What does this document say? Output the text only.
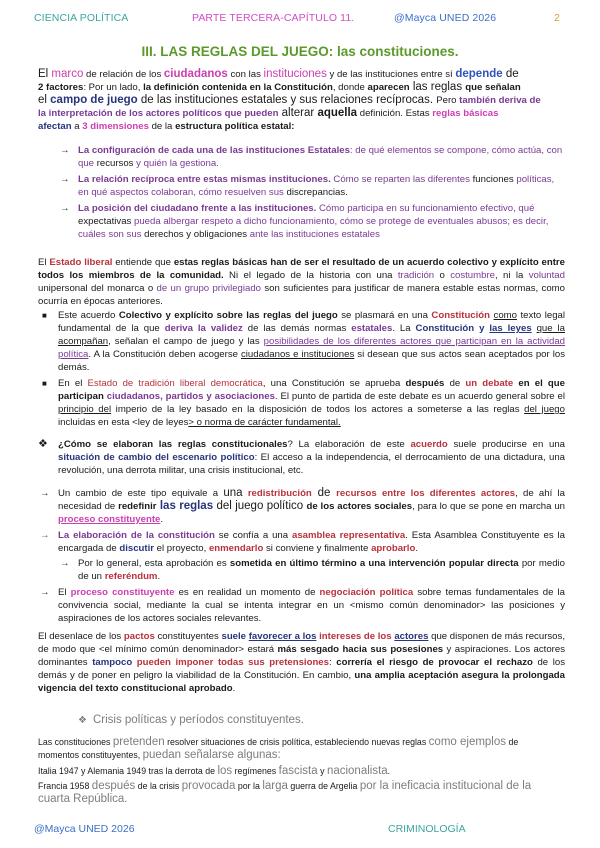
CIENCIA POLÍTICA	PARTE TERCERA-CAPÍTULO 11.	@Mayca UNED 2026	2
III. LAS REGLAS DEL JUEGO: las constituciones.
El marco de relación de los ciudadanos con las instituciones y de las instituciones entre sí depende de
2 factores: Por un lado, la definición contenida en la Constitución, donde aparecen las reglas que señalan
el campo de juego de las instituciones estatales y sus relaciones recíprocas. Pero también deriva de
la interpretación de los actores políticos que pueden alterar aquella definición. Estas reglas básicas
afectan a 3 dimensiones de la estructura política estatal:
→ La configuración de cada una de las instituciones Estatales: de qué elementos se compone, cómo actúa, con que recursos y quién la gestiona.
→ La relación recíproca entre estas mismas instituciones. Cómo se reparten las diferentes funciones políticas, en qué aspectos colaboran, cómo resuelven sus discrepancias.
→ La posición del ciudadano frente a las instituciones. Cómo participa en su funcionamiento efectivo, qué expectativas pueda albergar respeto a dicho funcionamiento, cómo se protege de eventuales abusos; es decir, cuáles son sus derechos y obligaciones ante las instituciones estatales
El Estado liberal entiende que estas reglas básicas han de ser el resultado de un acuerdo colectivo y explícito entre todos los miembros de la comunidad. Ni el legado de la historia con una tradición o costumbre, ni la voluntad unipersonal del monarca o de un grupo privilegiado son suficientes para justificar de manera estable estas normas, como ocurría en épocas anteriores.
■ Este acuerdo Colectivo y explícito sobre las reglas del juego se plasmará en una Constitución como texto legal fundamental de la que deriva la validez de las demás normas estatales. La Constitución y las leyes que la acompañan, señalan el campo de juego y las posibilidades de los diferentes actores que participan en la actividad política. A la Constitución deben acogerse ciudadanos e instituciones si desean que sus actos sean aceptados por los demás.
■ En el Estado de tradición liberal democrática, una Constitución se aprueba después de un debate en el que participan ciudadanos, partidos y asociaciones. El punto de partida de este debate es un acuerdo general sobre el principio del imperio de la ley basado en la disposición de todos los actores a someterse a las reglas del juego incluidas en esta <ley de leyes> o norma de carácter fundamental.
❖ ¿Cómo se elaboran las reglas constitucionales? La elaboración de este acuerdo suele producirse en una situación de cambio del escenario político: El acceso a la independencia, el derrocamiento de una dictadura, una revolución, una derrota militar, una crisis institucional, etc.
→ Un cambio de este tipo equivale a una redistribución de recursos entre los diferentes actores, de ahí la necesidad de redefinir las reglas del juego político de los actores sociales, para lo que se pone en marcha un proceso constituyente.
→ La elaboración de la constitución se confía a una asamblea representativa. Esta Asamblea Constituyente es la encargada de discutir el proyecto, enmendarlo si conviene y finalmente aprobarlo.
→ Por lo general, esta aprobación es sometida en último término a una intervención popular directa por medio de un referéndum.
→ El proceso constituyente es en realidad un momento de negociación política sobre temas fundamentales de la convivencia social, mediante la cual se intenta integrar en un <mismo común denominador> las posiciones y aspiraciones de los actores sociales relevantes.
El desenlace de los pactos constituyentes suele favorecer a los intereses de los actores que disponen de más recursos, de modo que <el mínimo común denominador> estará más sesgado hacia sus posesiones y aspiraciones. Los actores dominantes tampoco pueden imponer todas sus pretensiones: correría el riesgo de provocar el rechazo de los demás y de poner en peligro la viabilidad de la Constitución. En cambio, una amplia aceptación asegura la prolongada vigencia del texto constitucional aprobado.
❖ Crisis políticas y períodos constituyentes.
Las constituciones pretenden resolver situaciones de crisis política, estableciendo nuevas reglas como ejemplos de
momentos constituyentes, puedan señalarse algunas:
Italia 1947 y Alemania 1949 tras la derrota de los regímenes fascista y nacionalista.
Francia 1958 después de la crisis provocada por la larga guerra de Argelia por la ineficacia institucional de la cuarta República.
@Mayca UNED 2026	CRIMINOLOGÍA
